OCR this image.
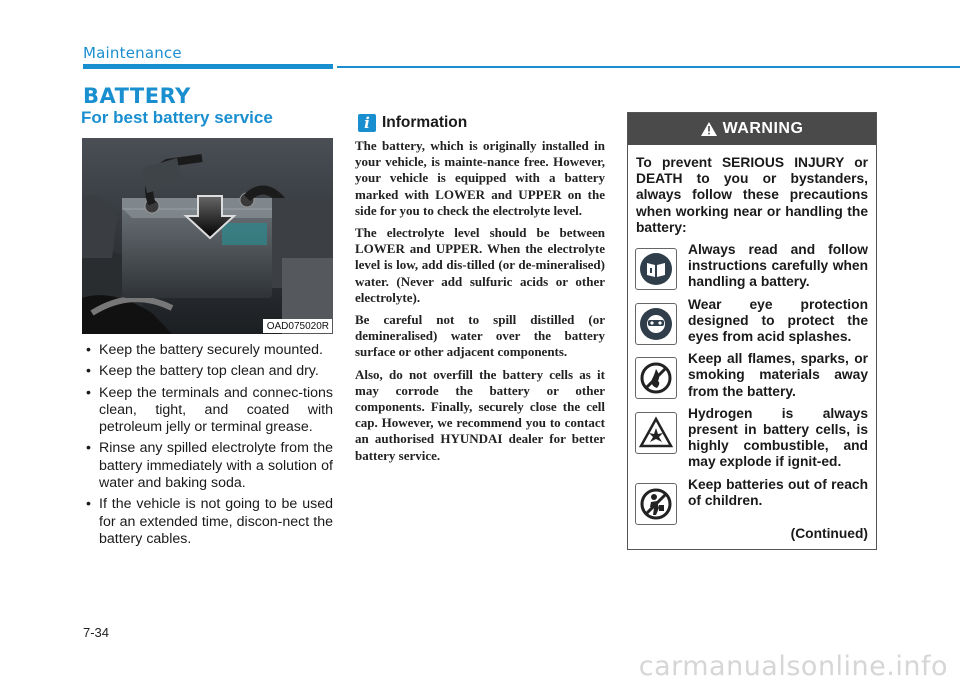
Maintenance
BATTERY
For best battery service
OAD075020R
• Keep the battery securely mounted.
• Keep the battery top clean and dry.
• Keep the terminals and connec-tions clean, tight, and coated with petroleum jelly or terminal grease.
• Rinse any spilled electrolyte from the battery immediately with a solution of water and baking soda.
• If the vehicle is not going to be used for an extended time, discon-nect the battery cables.
i Information

The battery, which is originally installed in your vehicle, is mainte-nance free. However, your vehicle is equipped with a battery marked with LOWER and UPPER on the side for you to check the electrolyte level.

The electrolyte level should be between LOWER and UPPER. When the electrolyte level is low, add dis-tilled (or de-mineralised) water. (Never add sulfuric acids or other electrolyte).

Be careful not to spill distilled (or demineralised) water over the battery surface or other adjacent components.

Also, do not overfill the battery cells as it may corrode the battery or other components. Finally, securely close the cell cap. However, we recommend you to contact an authorised HYUNDAI dealer for better battery service.

WARNING
To prevent SERIOUS INJURY or DEATH to you or bystanders, always follow these precautions when working near or handling the battery:
Always read and follow instructions carefully when handling a battery.
Wear eye protection designed to protect the eyes from acid splashes.
Keep all flames, sparks, or smoking materials away from the battery.
Hydrogen is always present in battery cells, is highly combustible, and may explode if ignit-ed.
Keep batteries out of reach of children.
(Continued)
7-34
carmanualsonline.info
